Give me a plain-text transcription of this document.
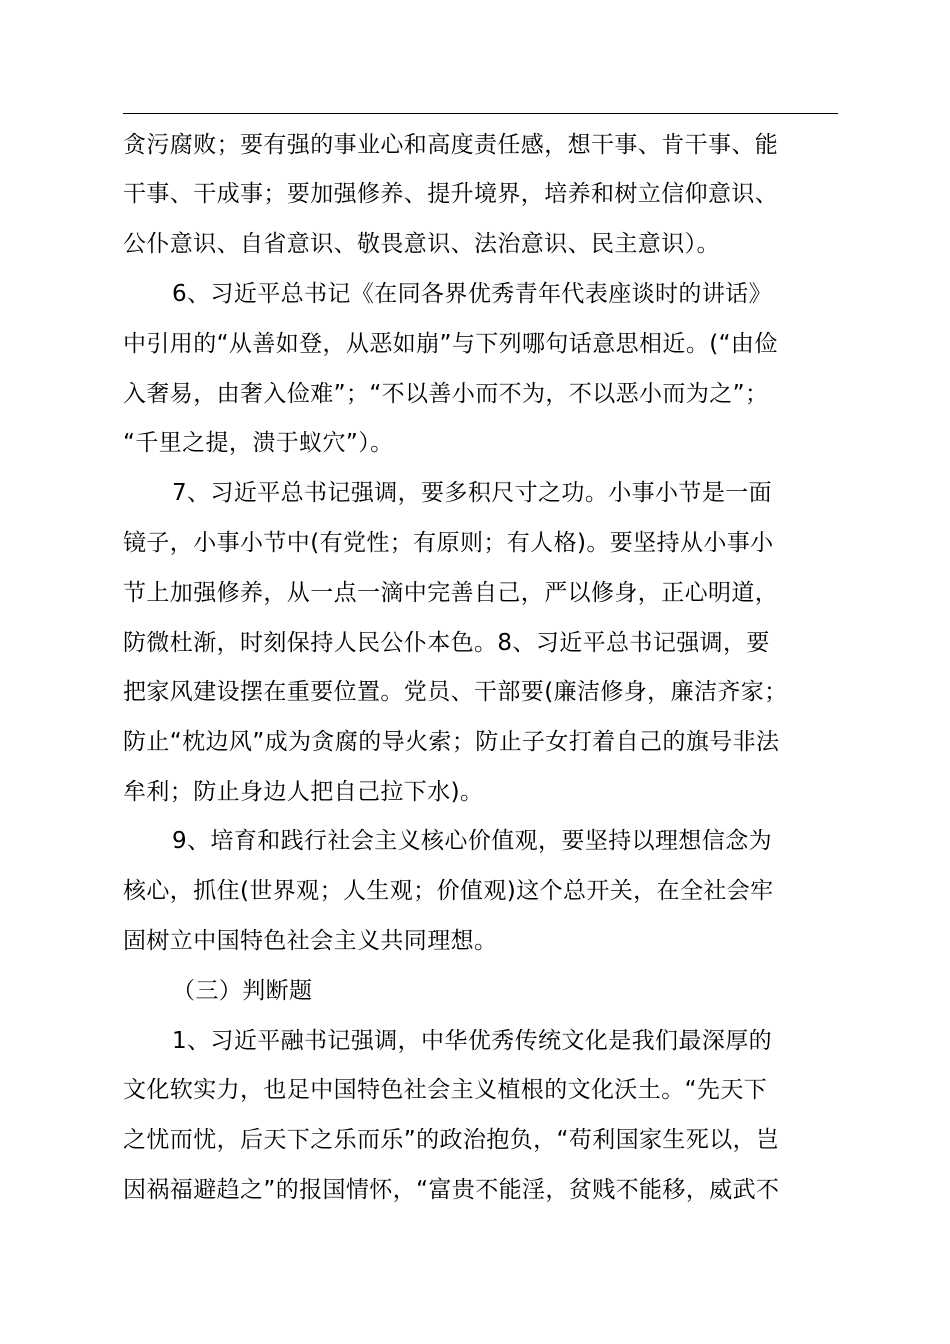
贪污腐败；要有强的事业心和高度责任感，想干事、肯干事、能
干事、干成事；要加强修养、提升境界，培养和树立信仰意识、
公仆意识、自省意识、敬畏意识、法治意识、民主意识）。
6、习近平总书记《在同各界优秀青年代表座谈时的讲话》
中引用的“从善如登，从恶如崩”与下列哪句话意思相近。(“由俭
入奢易，由奢入俭难”；“不以善小而不为，不以恶小而为之”；
“千里之提，溃于蚁穴”）。
7、习近平总书记强调，要多积尺寸之功。小事小节是一面
镜子，小事小节中(有党性；有原则；有人格)。要坚持从小事小
节上加强修养，从一点一滴中完善自己，严以修身，正心明道，
防微杜渐，时刻保持人民公仆本色。8、习近平总书记强调，要
把家风建设摆在重要位置。党员、干部要(廉洁修身，廉洁齐家；
防止“枕边风”成为贪腐的导火索；防止子女打着自己的旗号非法
牟利；防止身边人把自己拉下水)。
9、培育和践行社会主义核心价值观，要坚持以理想信念为
核心，抓住(世界观；人生观；价值观)这个总开关，在全社会牢
固树立中国特色社会主义共同理想。
（三）判断题
1、习近平融书记强调，中华优秀传统文化是我们最深厚的
文化软实力，也足中国特色社会主义植根的文化沃土。“先天下
之忧而忧，后天下之乐而乐”的政治抱负，“苟利国家生死以，岂
因祸福避趋之”的报国情怀，“富贵不能淫，贫贱不能移，威武不
